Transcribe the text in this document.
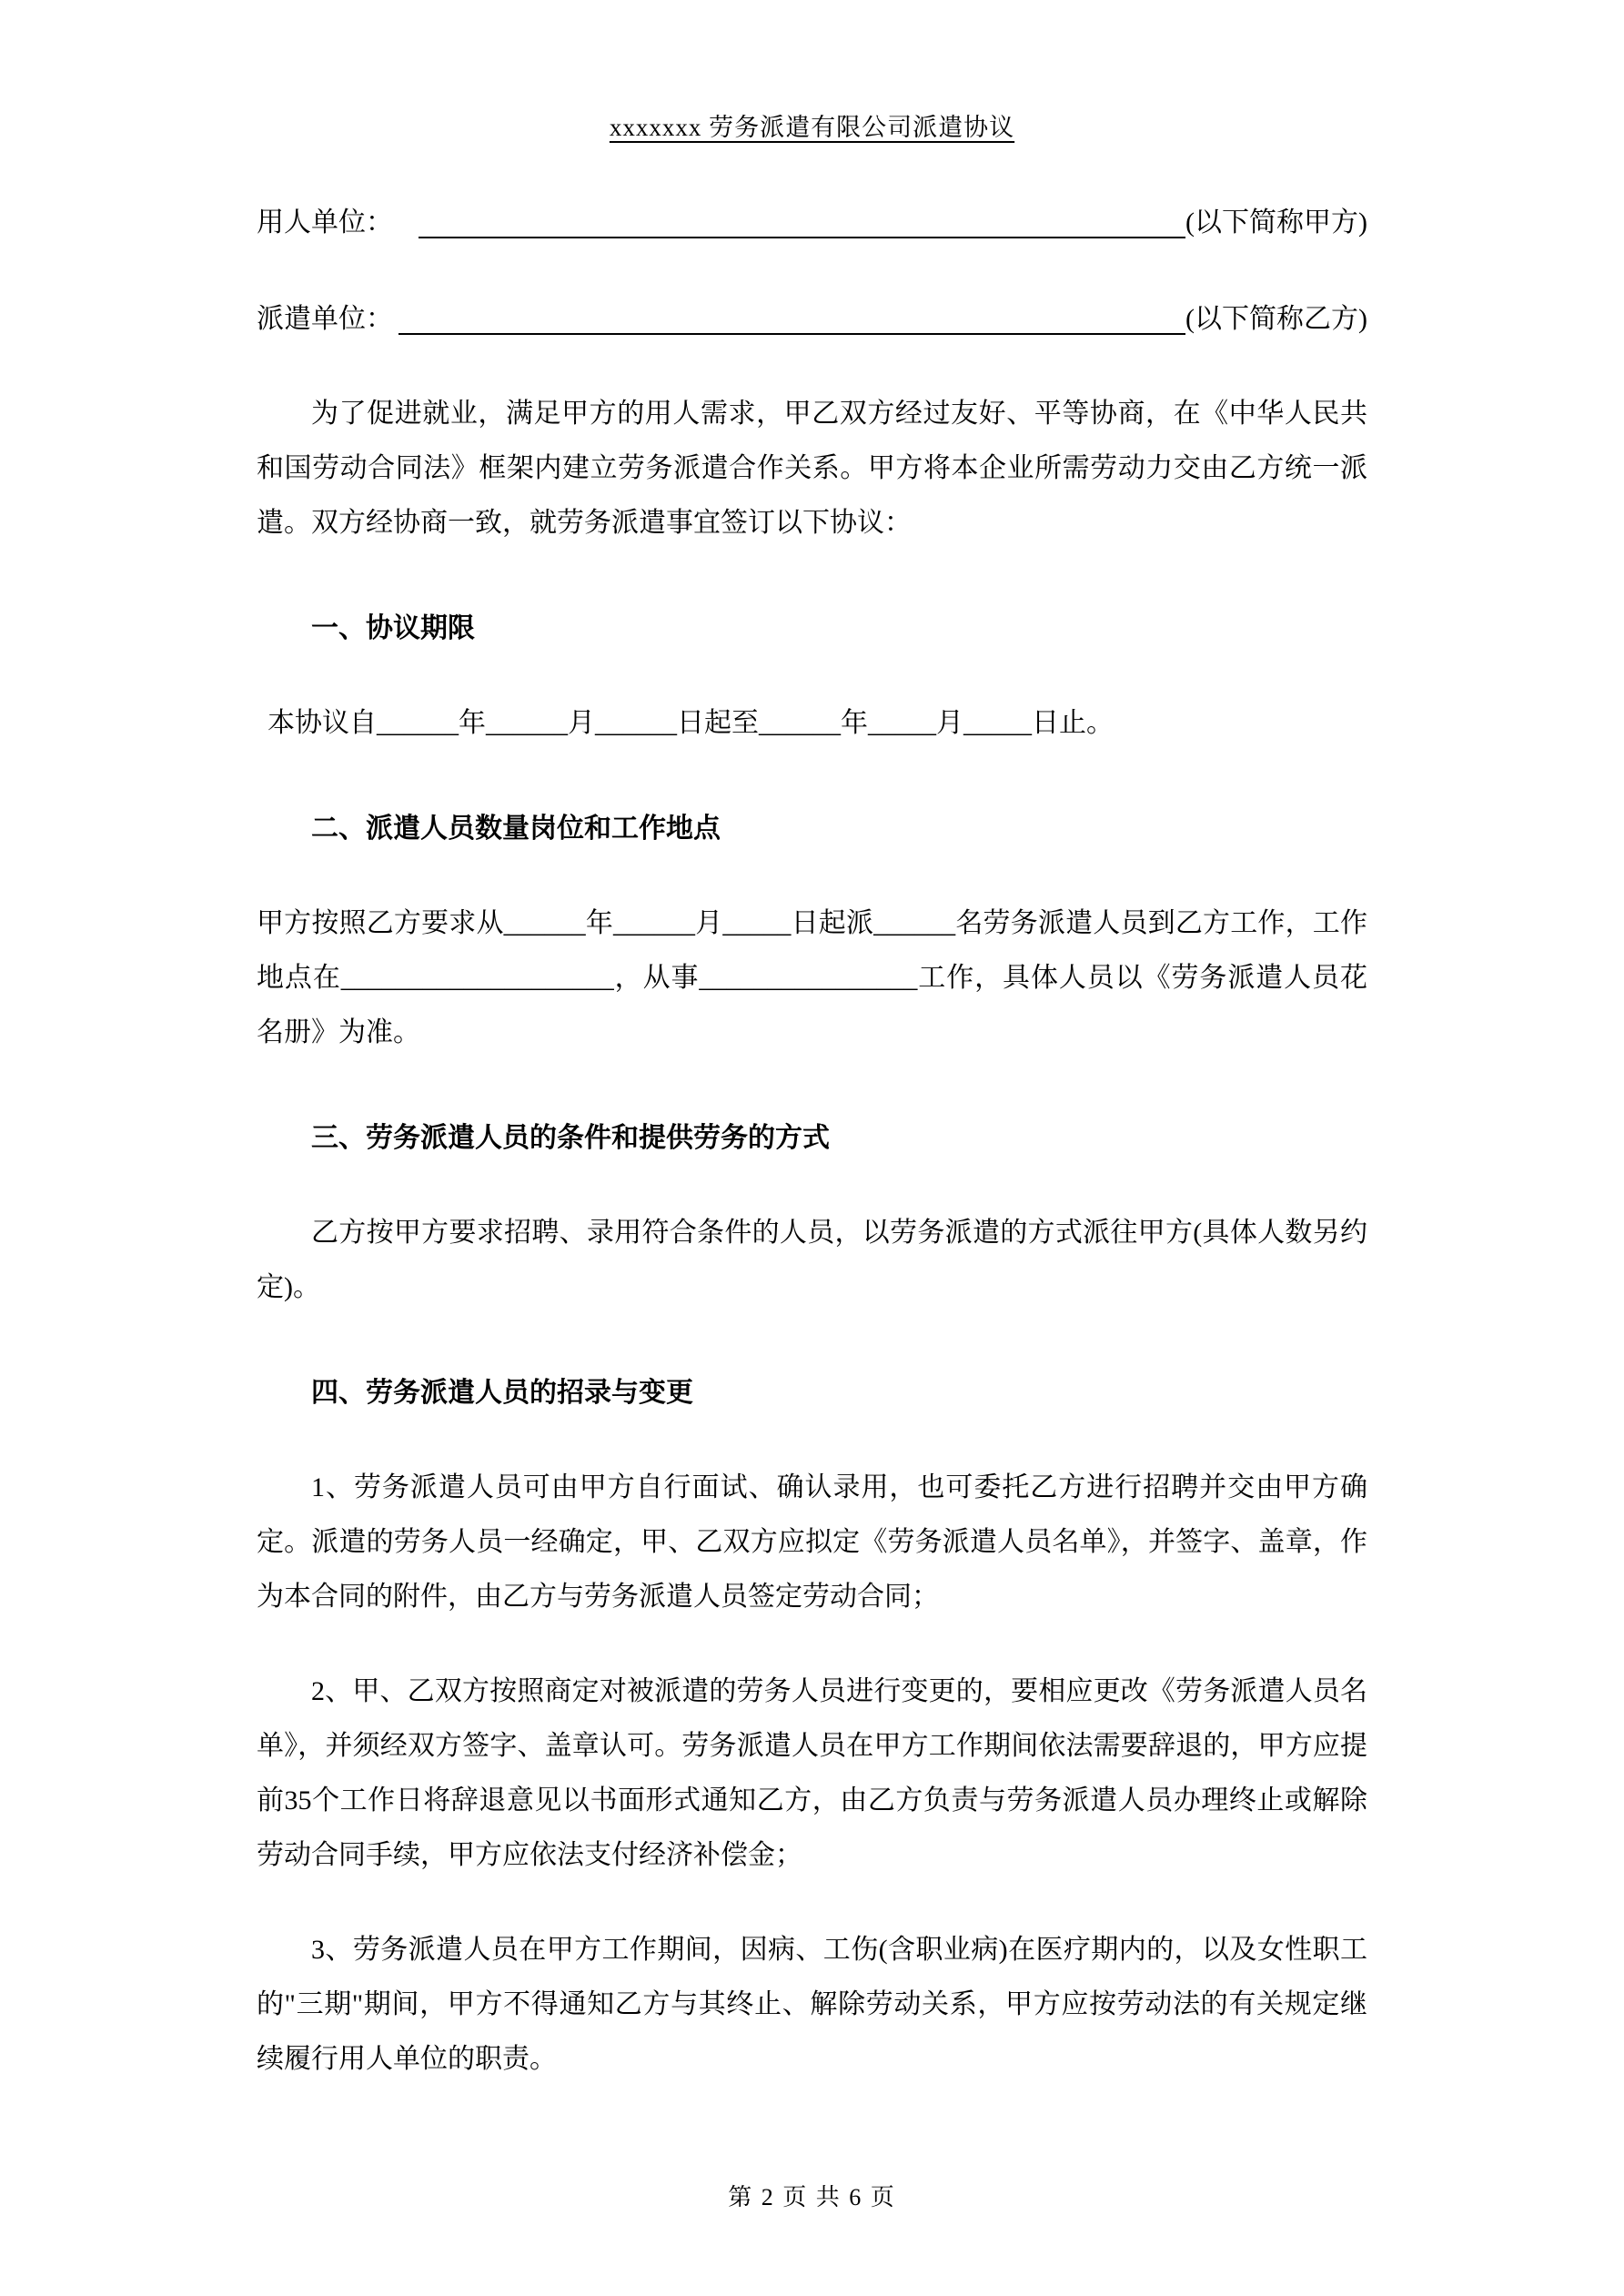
xxxxxxx 劳务派遣有限公司派遣协议
用人单位：	(以下简称甲方)
派遣单位：	(以下简称乙方)

为了促进就业，满足甲方的用人需求，甲乙双方经过友好、平等协商，在《中华人民共和国劳动合同法》框架内建立劳务派遣合作关系。甲方将本企业所需劳动力交由乙方统一派遣。双方经协商一致，就劳务派遣事宜签订以下协议：

一、协议期限

本协议自______年______月______日起至______年_____月_____日止。

二、派遣人员数量岗位和工作地点

甲方按照乙方要求从______年______月_____日起派______名劳务派遣人员到乙方工作，工作地点在____________________，从事________________工作，具体人员以《劳务派遣人员花名册》为准。

三、劳务派遣人员的条件和提供劳务的方式

乙方按甲方要求招聘、录用符合条件的人员，以劳务派遣的方式派往甲方(具体人数另约定)。

四、劳务派遣人员的招录与变更

1、劳务派遣人员可由甲方自行面试、确认录用，也可委托乙方进行招聘并交由甲方确定。派遣的劳务人员一经确定，甲、乙双方应拟定《劳务派遣人员名单》，并签字、盖章，作为本合同的附件，由乙方与劳务派遣人员签定劳动合同；

2、甲、乙双方按照商定对被派遣的劳务人员进行变更的，要相应更改《劳务派遣人员名单》，并须经双方签字、盖章认可。劳务派遣人员在甲方工作期间依法需要辞退的，甲方应提前35个工作日将辞退意见以书面形式通知乙方，由乙方负责与劳务派遣人员办理终止或解除劳动合同手续，甲方应依法支付经济补偿金；

3、劳务派遣人员在甲方工作期间，因病、工伤(含职业病)在医疗期内的，以及女性职工的"三期"期间，甲方不得通知乙方与其终止、解除劳动关系，甲方应按劳动法的有关规定继续履行用人单位的职责。

第 2 页 共 6 页
